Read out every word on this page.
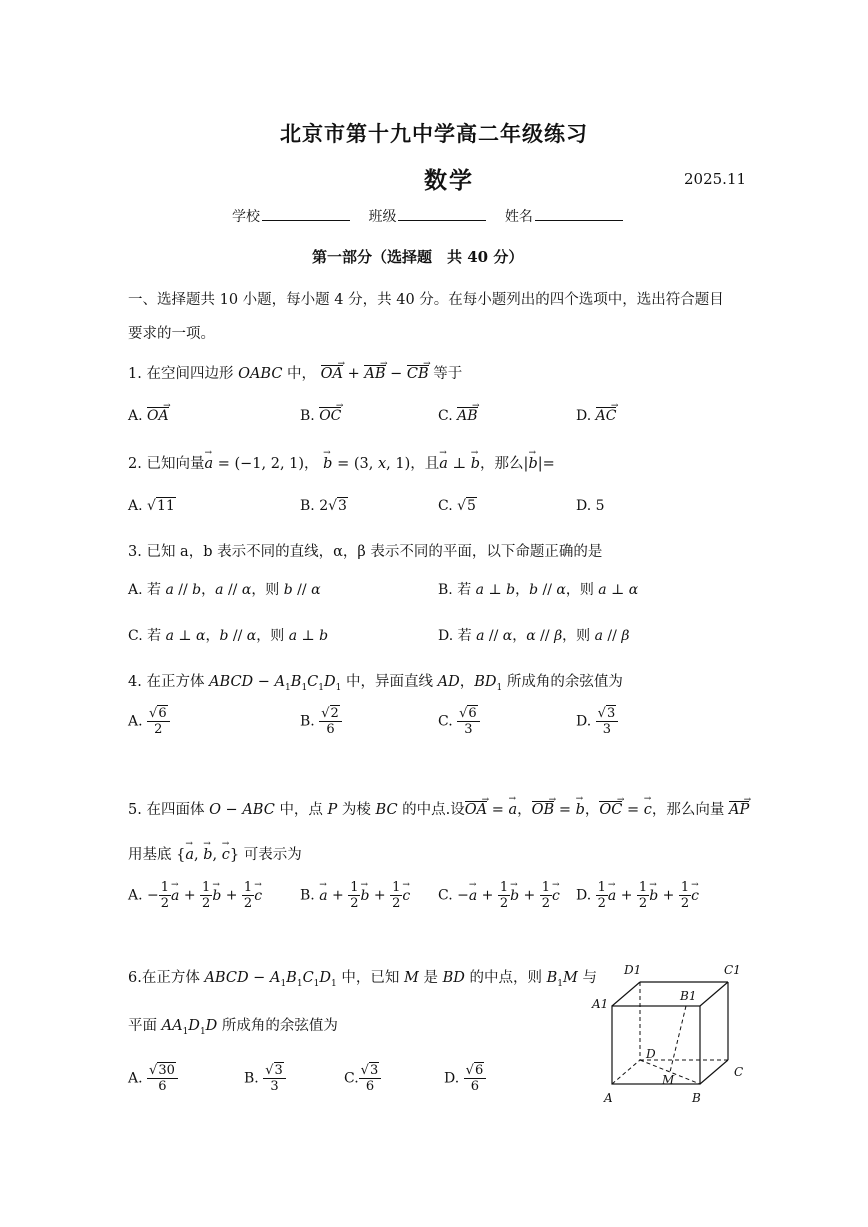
北京市第十九中学高二年级练习
数学	2025.11
学校	班级	姓名
第一部分（选择题　共 40 分）
一、选择题共 10 小题，每小题 4 分，共 40 分。在每小题列出的四个选项中，选出符合题目
要求的一项。
1. 在空间四边形 OABC 中， → OA + → AB − → CB 等于
A. → OA	B. → OC	C. → AB	D. → AC
2. 已知向量→ a = (−1, 2, 1)， → b = (3, x, 1)，且→ a ⊥ → b，那么|→ b|=
A. √11	B. 2√3	C. √5	D. 5
3. 已知 a，b 表示不同的直线，α，β 表示不同的平面，以下命题正确的是
A. 若 a // b，a // α，则 b // α	B. 若 a ⊥ b，b // α，则 a ⊥ α
C. 若 a ⊥ α，b // α，则 a ⊥ b	D. 若 a // α，α // β，则 a // β
4. 在正方体 ABCD − $A_1B_1C_1D_1$ 中，异面直线 AD，$BD_1$ 所成角的余弦值为
A. $\frac{√6}{2}$	B. $\frac{√2}{6}$	C. $\frac{√6}{3}$	D. $\frac{√3}{3}$
5. 在四面体 O − ABC 中，点 P 为棱 BC 的中点.设→ OA = → a，→ OB = → b，→ OC = → c，那么向量 → AP
用基底 {→ a, → b, → c} 可表示为
A. − $\frac{1}{2}$
→ $a + \frac{1}{2}$
→ $b + \frac{1}{2}$
→ c	B. → $a + \frac{1}{2}$
→ $b + \frac{1}{2}$
→ c C. −→ $a + \frac{1}{2}$
→ $b + \frac{1}{2}$
→ c D. $\frac{1}{2}$
→ $a + \frac{1}{2}$
→ $b + \frac{1}{2}$
→ c
6.在正方体 ABCD − $A_1B_1C_1D_1$ 中，已知 M 是 BD 的中点，则 $B_1M$ 与
平面 $AA_1D_1D$ 所成角的余弦值为
A. $\frac{√30}{6}$	B. $\frac{√3}{3}$	C. $\frac{√3}{6}$	D. $\frac{√6}{6}$
D1	C1
A1
B1
D
C
M
A	B
